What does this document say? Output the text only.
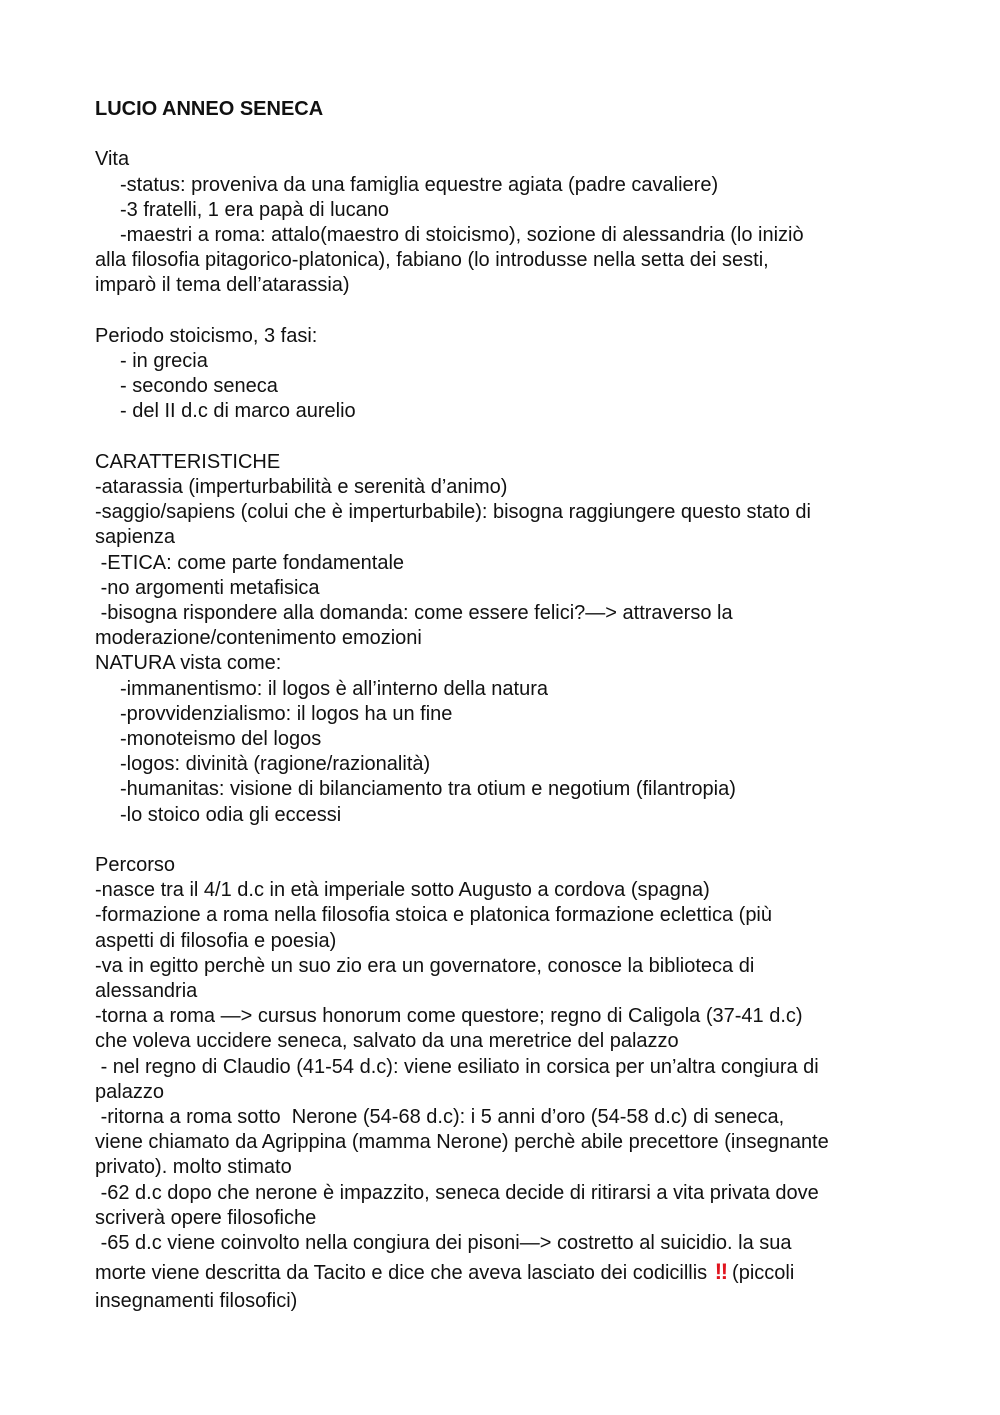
LUCIO ANNEO SENECA

Vita

-status: proveniva da una famiglia equestre agiata (padre cavaliere)

-3 fratelli, 1 era papà di lucano

-maestri a roma: attalo(maestro di stoicismo), sozione di alessandria (lo iniziò

alla filosofia pitagorico-platonica), fabiano (lo introdusse nella setta dei sesti,

imparò il tema dell’atarassia)

Periodo stoicismo, 3 fasi:

- in grecia

- secondo seneca

- del II d.c di marco aurelio

CARATTERISTICHE

-atarassia (imperturbabilità e serenità d’animo)

-saggio/sapiens (colui che è imperturbabile): bisogna raggiungere questo stato di

sapienza

-ETICA: come parte fondamentale

-no argomenti metafisica

-bisogna rispondere alla domanda: come essere felici?—> attraverso la

moderazione/contenimento emozioni

NATURA vista come:

-immanentismo: il logos è all’interno della natura

-provvidenzialismo: il logos ha un fine

-monoteismo del logos

-logos: divinità (ragione/razionalità)

-humanitas: visione di bilanciamento tra otium e negotium (filantropia)

-lo stoico odia gli eccessi

Percorso

-nasce tra il 4/1 d.c in età imperiale sotto Augusto a cordova (spagna)

-formazione a roma nella filosofia stoica e platonica formazione eclettica (più

aspetti di filosofia e poesia)

-va in egitto perchè un suo zio era un governatore, conosce la biblioteca di

alessandria

-torna a roma —> cursus honorum come questore; regno di Caligola (37-41 d.c)

che voleva uccidere seneca, salvato da una meretrice del palazzo

- nel regno di Claudio (41-54 d.c): viene esiliato in corsica per un’altra congiura di

palazzo

-ritorna a roma sotto  Nerone (54-68 d.c): i 5 anni d’oro (54-58 d.c) di seneca,

viene chiamato da Agrippina (mamma Nerone) perchè abile precettore (insegnante

privato). molto stimato

-62 d.c dopo che nerone è impazzito, seneca decide di ritirarsi a vita privata dove

scriverà opere filosofiche

-65 d.c viene coinvolto nella congiura dei pisoni—> costretto al suicidio. la sua

morte viene descritta da Tacito e dice che aveva lasciato dei codicillis ‼ (piccoli

insegnamenti filosofici)
